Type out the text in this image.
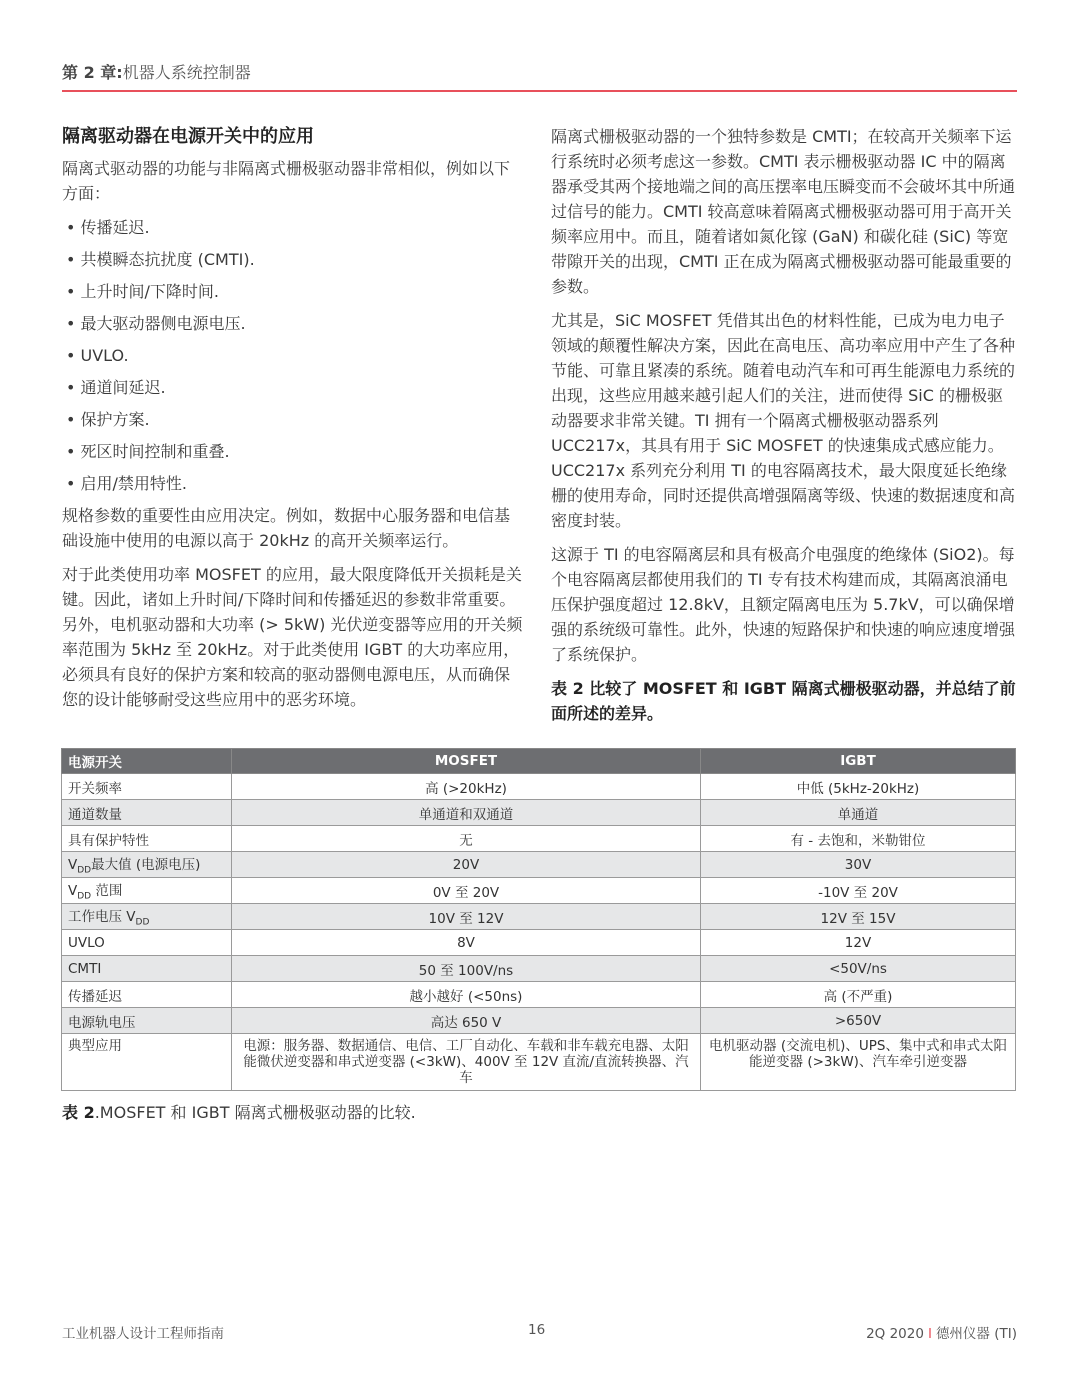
第 2 章:机器人系统控制器
隔离驱动器在电源开关中的应用

隔离式驱动器的功能与非隔离式栅极驱动器非常相似，例如以下方面：

• 传播延迟.
• 共模瞬态抗扰度 (CMTI).
• 上升时间/下降时间.
• 最大驱动器侧电源电压.
• UVLO.
• 通道间延迟.
• 保护方案.
• 死区时间控制和重叠.
• 启用/禁用特性.

规格参数的重要性由应用决定。例如，数据中心服务器和电信基础设施中使用的电源以高于 20kHz 的高开关频率运行。

对于此类使用功率 MOSFET 的应用，最大限度降低开关损耗是关键。因此，诸如上升时间/下降时间和传播延迟的参数非常重要。另外，电机驱动器和大功率 (> 5kW) 光伏逆变器等应用的开关频率范围为 5kHz 至 20kHz。对于此类使用 IGBT 的大功率应用，必须具有良好的保护方案和较高的驱动器侧电源电压，从而确保您的设计能够耐受这些应用中的恶劣环境。

隔离式栅极驱动器的一个独特参数是 CMTI；在较高开关频率下运行系统时必须考虑这一参数。CMTI 表示栅极驱动器 IC 中的隔离器承受其两个接地端之间的高压摆率电压瞬变而不会破坏其中所通过信号的能力。CMTI 较高意味着隔离式栅极驱动器可用于高开关频率应用中。而且，随着诸如氮化镓 (GaN) 和碳化硅 (SiC) 等宽带隙开关的出现，CMTI 正在成为隔离式栅极驱动器可能最重要的参数。

尤其是，SiC MOSFET 凭借其出色的材料性能，已成为电力电子领域的颠覆性解决方案，因此在高电压、高功率应用中产生了各种节能、可靠且紧凑的系统。随着电动汽车和可再生能源电力系统的出现，这些应用越来越引起人们的关注，进而使得 SiC 的栅极驱动器要求非常关键。TI 拥有一个隔离式栅极驱动器系列 UCC217x，其具有用于 SiC MOSFET 的快速集成式感应能力。UCC217x 系列充分利用 TI 的电容隔离技术，最大限度延长绝缘栅的使用寿命，同时还提供高增强隔离等级、快速的数据速度和高密度封装。

这源于 TI 的电容隔离层和具有极高介电强度的绝缘体 (SiO2)。每个电容隔离层都使用我们的 TI 专有技术构建而成，其隔离浪涌电压保护强度超过 12.8kV，且额定隔离电压为 5.7kV，可以确保增强的系统级可靠性。此外，快速的短路保护和快速的响应速度增强了系统保护。

表 2 比较了 MOSFET 和 IGBT 隔离式栅极驱动器，并总结了前面所述的差异。

电源开关	MOSFET	IGBT
开关频率	高 (>20kHz)	中低 (5kHz-20kHz)
通道数量	单通道和双通道	单通道
具有保护特性	无	有 - 去饱和，米勒钳位
$V_{DD}$最大值 (电源电压)	20V	30V
$V_{DD}$ 范围	0V 至 20V	-10V 至 20V
工作电压 $V_{DD}$	10V 至 12V	12V 至 15V
UVLO	8V	12V
CMTI	50 至 100V/ns	<50V/ns
传播延迟	越小越好 (<50ns)	高 (不严重)
电源轨电压	高达 650 V	>650V
典型应用	电源：服务器、数据通信、电信、工厂自动化、车载和非车载充电器、太阳能微伏逆变器和串式逆变器 (<3kW)、400V 至 12V 直流/直流转换器、汽车	电机驱动器 (交流电机)、UPS、集中式和串式太阳能逆变器 (>3kW)、汽车牵引逆变器
表 2.MOSFET 和 IGBT 隔离式栅极驱动器的比较.
工业机器人设计工程师指南	16	2Q 2020 I 德州仪器 (TI)
